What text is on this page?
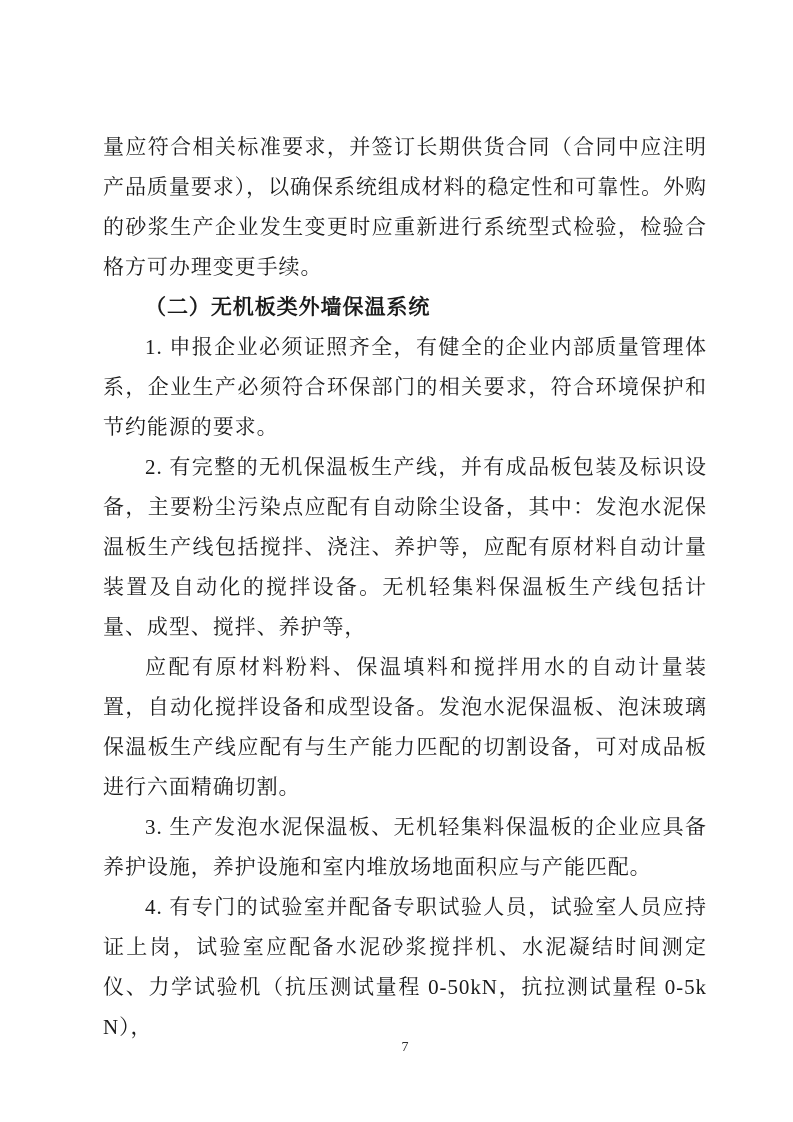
量应符合相关标准要求，并签订长期供货合同（合同中应注明产品质量要求），以确保系统组成材料的稳定性和可靠性。外购的砂浆生产企业发生变更时应重新进行系统型式检验，检验合格方可办理变更手续。

（二）无机板类外墙保温系统

1. 申报企业必须证照齐全，有健全的企业内部质量管理体系，企业生产必须符合环保部门的相关要求，符合环境保护和节约能源的要求。

2. 有完整的无机保温板生产线，并有成品板包装及标识设备，主要粉尘污染点应配有自动除尘设备，其中：发泡水泥保温板生产线包括搅拌、浇注、养护等，应配有原材料自动计量装置及自动化的搅拌设备。无机轻集料保温板生产线包括计量、成型、搅拌、养护等，

应配有原材料粉料、保温填料和搅拌用水的自动计量装置，自动化搅拌设备和成型设备。发泡水泥保温板、泡沫玻璃保温板生产线应配有与生产能力匹配的切割设备，可对成品板进行六面精确切割。

3. 生产发泡水泥保温板、无机轻集料保温板的企业应具备养护设施，养护设施和室内堆放场地面积应与产能匹配。

4. 有专门的试验室并配备专职试验人员，试验室人员应持证上岗，试验室应配备水泥砂浆搅拌机、水泥凝结时间测定仪、力学试验机（抗压测试量程 0-50kN，抗拉测试量程 0-5kN），

7
